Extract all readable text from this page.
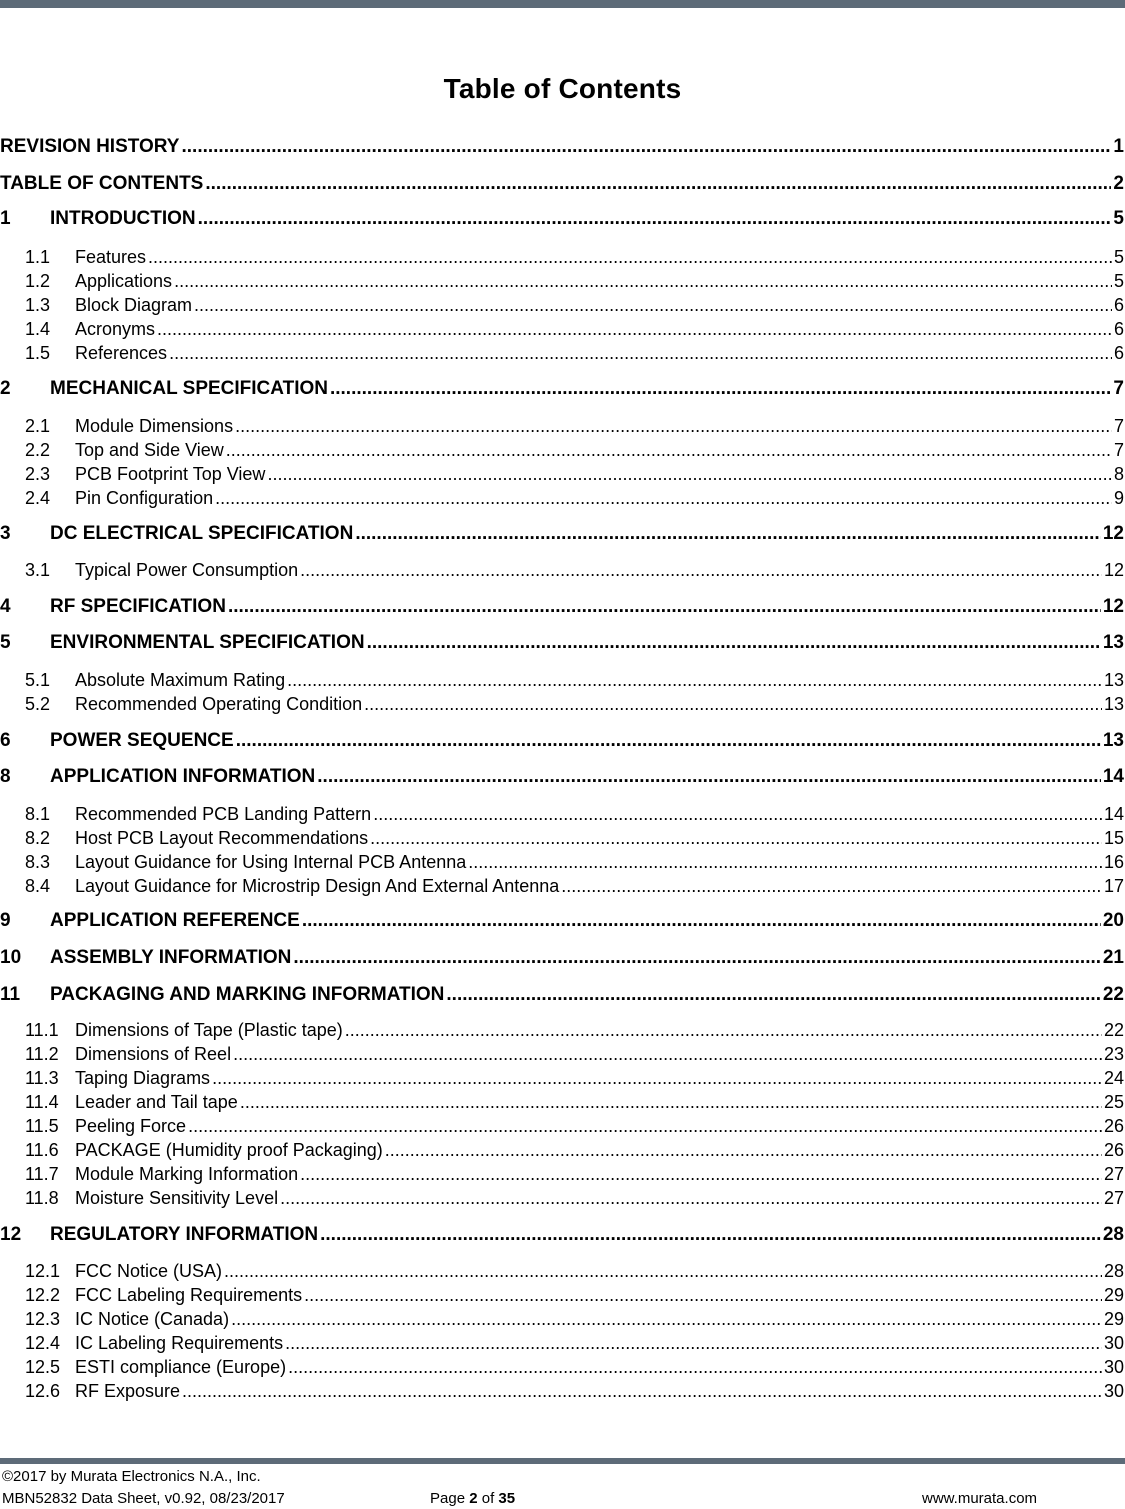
Table of Contents
REVISION HISTORY .....	1
TABLE OF CONTENTS .....	2
1	INTRODUCTION .....	5
1.1	Features .....	5
1.2	Applications .....	5
1.3	Block Diagram .....	6
1.4	Acronyms .....	6
1.5	References .....	6
2	MECHANICAL SPECIFICATION .....	7
2.1	Module Dimensions .....	7
2.2	Top and Side View .....	7
2.3	PCB Footprint Top View .....	8
2.4	Pin Configuration .....	9
3	DC ELECTRICAL SPECIFICATION .....	12
3.1	Typical Power Consumption .....	12
4	RF SPECIFICATION .....	12
5	ENVIRONMENTAL SPECIFICATION .....	13
5.1	Absolute Maximum Rating .....	13
5.2	Recommended Operating Condition .....	13
6	POWER SEQUENCE .....	13
8	APPLICATION INFORMATION .....	14
8.1	Recommended PCB Landing Pattern .....	14
8.2	Host PCB Layout Recommendations .....	15
8.3	Layout Guidance for Using Internal PCB Antenna .....	16
8.4	Layout Guidance for Microstrip Design And External Antenna .....	17
9	APPLICATION REFERENCE .....	20
10	ASSEMBLY INFORMATION .....	21
11	PACKAGING AND MARKING INFORMATION .....	22
11.1 Dimensions of Tape (Plastic tape) .....	22
11.2 Dimensions of Reel .....	23
11.3 Taping Diagrams .....	24
11.4 Leader and Tail tape .....	25
11.5 Peeling Force .....	26
11.6 PACKAGE (Humidity proof Packaging) .....	26
11.7 Module Marking Information .....	27
11.8 Moisture Sensitivity Level .....	27
12	REGULATORY INFORMATION .....	28
12.1 FCC Notice (USA) .....	28
12.2 FCC Labeling Requirements .....	29
12.3 IC Notice (Canada) .....	29
12.4 IC Labeling Requirements .....	30
12.5 ESTI compliance (Europe) .....	30
12.6 RF Exposure .....	30
©2017 by Murata Electronics N.A., Inc.
MBN52832 Data Sheet, v0.92, 08/23/2017	Page 2 of 35	www.murata.com
